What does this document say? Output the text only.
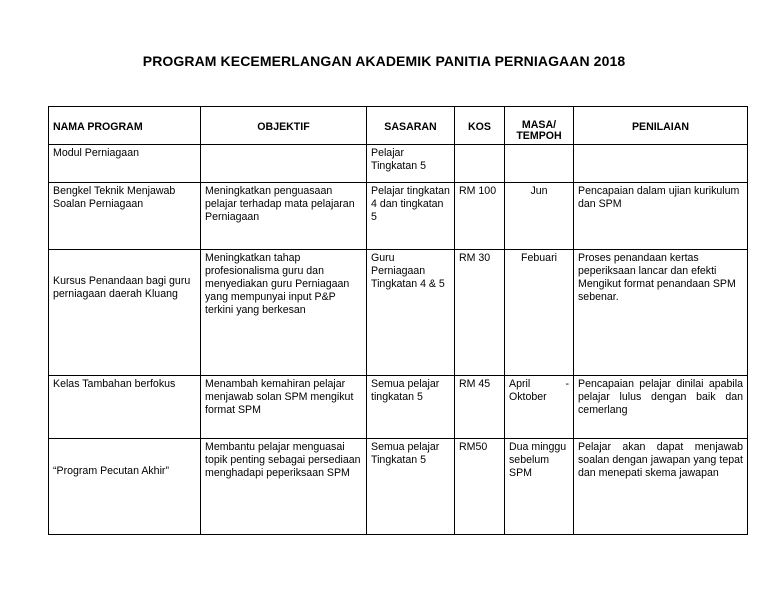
PROGRAM KECEMERLANGAN AKADEMIK PANITIA PERNIAGAAN 2018
NAMA PROGRAM	OBJEKTIF	SASARAN	KOS	MASA/
TEMPOH	PENILAIAN
Modul Perniagaan		Pelajar Tingkatan 5			
Bengkel Teknik Menjawab Soalan Perniagaan	Meningkatkan penguasaan pelajar terhadap mata pelajaran Perniagaan	Pelajar tingkatan 4 dan tingkatan 5	RM 100	Jun	Pencapaian dalam ujian kurikulum dan SPM
Kursus Penandaan bagi guru perniagaan daerah Kluang	Meningkatkan tahap profesionalisma guru dan menyediakan guru Perniagaan yang mempunyai input P&P terkini yang berkesan	Guru Perniagaan Tingkatan 4 & 5	RM 30	Febuari	Proses penandaan kertas peperiksaan lancar dan efekti Mengikut format penandaan SPM sebenar.
Kelas Tambahan berfokus	Menambah kemahiran pelajar menjawab solan SPM mengikut format SPM	Semua pelajar tingkatan 5	RM 45	April - Oktober	Pencapaian pelajar dinilai apabila pelajar lulus dengan baik dan cemerlang
“Program Pecutan Akhir”	Membantu pelajar menguasai topik penting sebagai persediaan menghadapi peperiksaan SPM	Semua pelajar Tingkatan 5	RM50	Dua minggu sebelum SPM	Pelajar akan dapat menjawab soalan dengan jawapan yang tepat dan menepati skema jawapan
